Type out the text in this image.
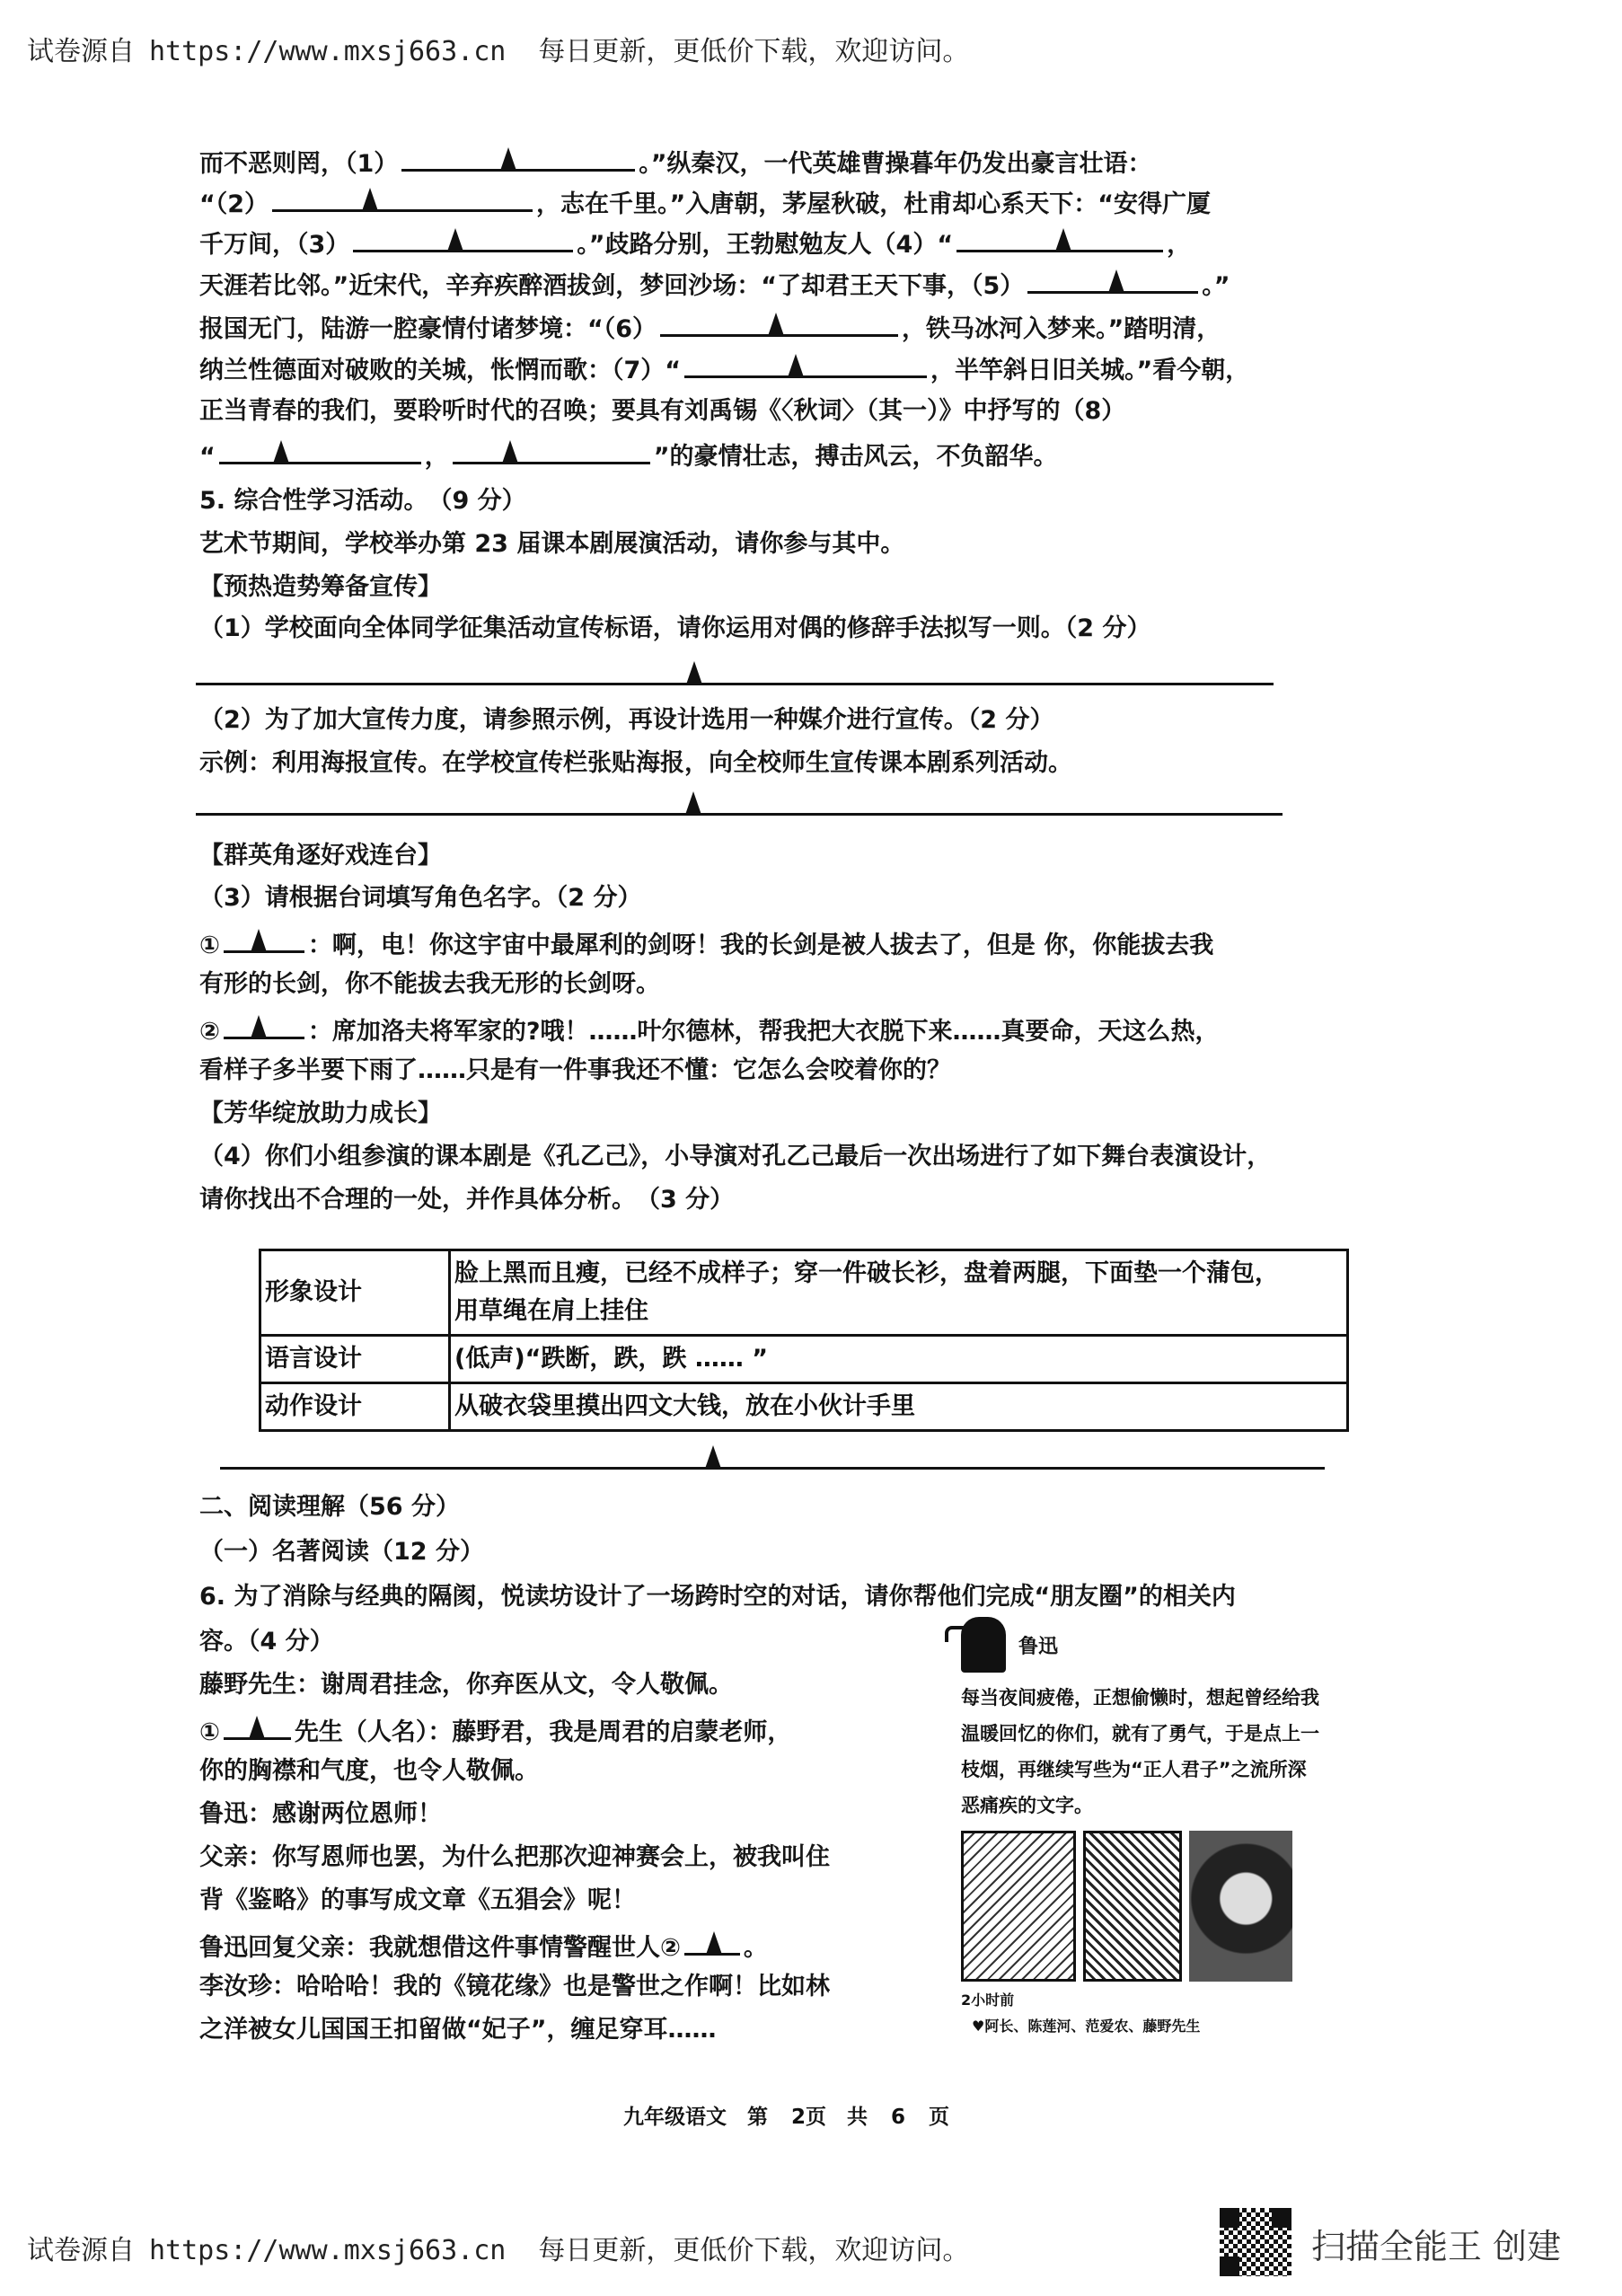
试卷源自 https://www.mxsj663.cn 每日更新，更低价下载，欢迎访问。
而不恶则罔，（1）	。”纵秦汉，一代英雄曹操暮年仍发出豪言壮语：
“（2）	，志在千里。”入唐朝，茅屋秋破，杜甫却心系天下：“安得广厦
千万间，（3）	。”歧路分别，王勃慰勉友人（4）“	，
天涯若比邻。”近宋代，辛弃疾醉酒拔剑，梦回沙场：“了却君王天下事，（5）	。”
报国无门，陆游一腔豪情付诸梦境：“（6）	，铁马冰河入梦来。”踏明清，
纳兰性德面对破败的关城，怅惘而歌：（7）“	，半竿斜日旧关城。”看今朝，
正当青春的我们，要聆听时代的召唤；要具有刘禹锡《〈秋词〉（其一）》中抒写的（8）
“	，	”的豪情壮志，搏击风云，不负韶华。
5. 综合性学习活动。　（9 分）
艺术节期间，学校举办第 23 届课本剧展演活动，请你参与其中。
【预热造势筹备宣传】
（1）学校面向全体同学征集活动宣传标语，请你运用对偶的修辞手法拟写一则。（2 分）
（2）为了加大宣传力度，请参照示例，再设计选用一种媒介进行宣传。（2 分）
示例：利用海报宣传。在学校宣传栏张贴海报，向全校师生宣传课本剧系列活动。
【群英角逐好戏连台】
（3）请根据台词填写角色名字。（2 分）
①	：啊，电！你这宇宙中最犀利的剑呀！我的长剑是被人拔去了，但是 你，你能拔去我
有形的长剑，你不能拔去我无形的长剑呀。
②	：席加洛夫将军家的?哦！……叶尔德林，帮我把大衣脱下来……真要命，天这么热，
看样子多半要下雨了……只是有一件事我还不懂：它怎么会咬着你的？
【芳华绽放助力成长】
（4）你们小组参演的课本剧是《孔乙己》，小导演对孔乙己最后一次出场进行了如下舞台表演设计，
请你找出不合理的一处，并作具体分析。　（3 分）
形象设计	脸上黑而且瘦，已经不成样子；穿一件破长衫，盘着两腿，下面垫一个蒲包，
用草绳在肩上挂住

语言设计	(低声)“跌断，跌，跌 …… ”
动作设计	从破衣袋里摸出四文大钱，放在小伙计手里
二、阅读理解（56 分）
（一）名著阅读（12 分）
6. 为了消除与经典的隔阂，悦读坊设计了一场跨时空的对话，请你帮他们完成“朋友圈”的相关内
容。（4 分）
藤野先生：谢周君挂念，你弃医从文，令人敬佩。
①	先生（人名）：藤野君，我是周君的启蒙老师，
你的胸襟和气度，也令人敬佩。
鲁迅：感谢两位恩师！
父亲：你写恩师也罢，为什么把那次迎神赛会上，被我叫住
背《鉴略》的事写成文章《五猖会》呢！
鲁迅回复父亲：我就想借这件事情警醒世人②	。
李汝珍：哈哈哈！我的《镜花缘》也是警世之作啊！比如林
之洋被女儿国国王扣留做“妃子”，缠足穿耳……
鲁迅
每当夜间疲倦，正想偷懒时，想起曾经给我温暖回忆的你们，就有了勇气，于是点上一枝烟，再继续写些为“正人君子”之流所深恶痛疾的文字。
2小时前
♥阿长、陈莲河、范爱农、藤野先生
九年级语文　第 2页　共 6 页
试卷源自 https://www.mxsj663.cn 每日更新，更低价下载，欢迎访问。	扫描全能王 创建
